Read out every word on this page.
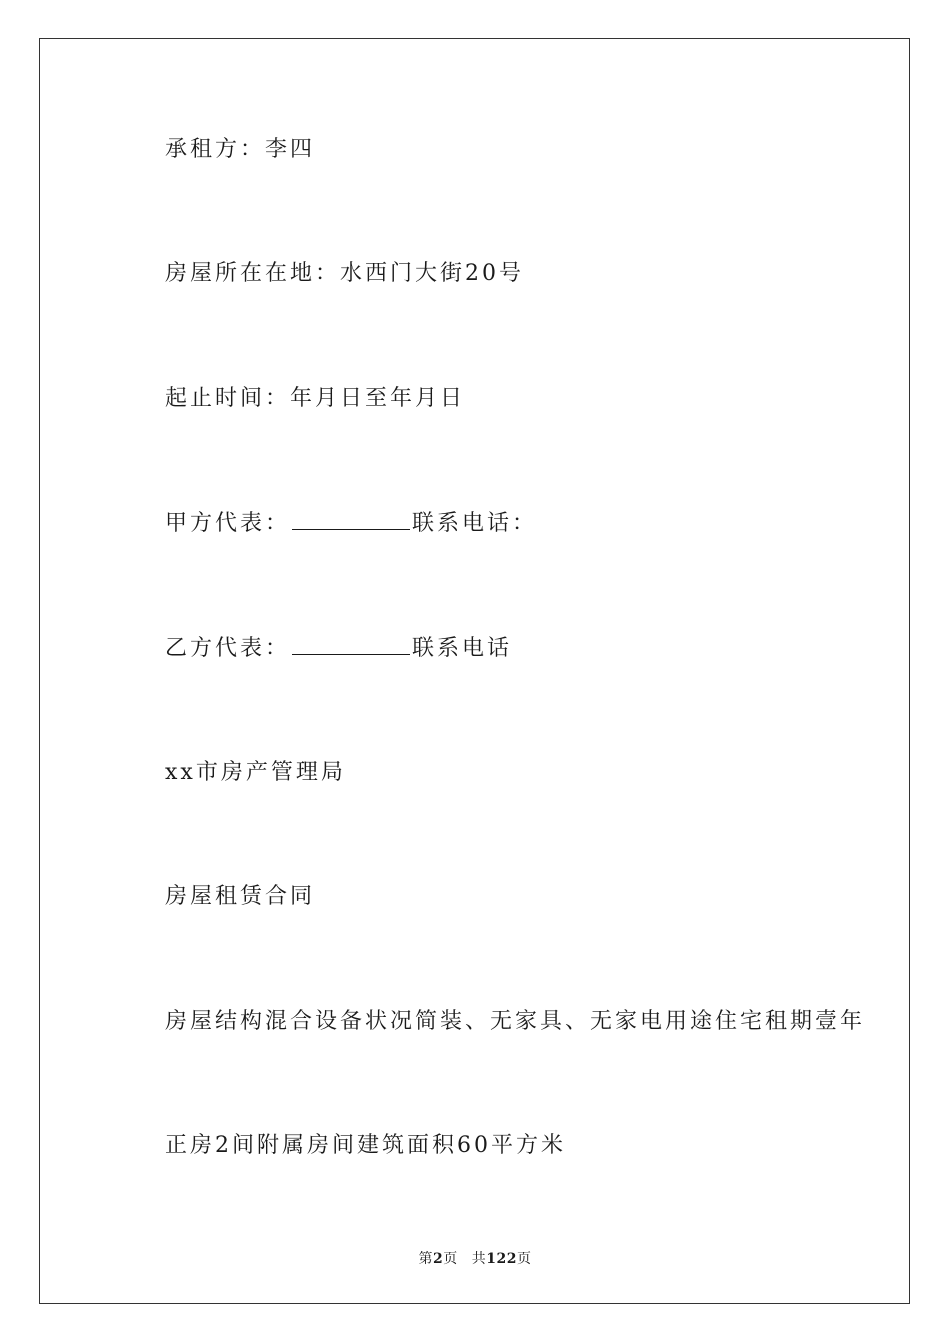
承租方：李四
房屋所在在地：水西门大街20号
起止时间：年月日至年月日
甲方代表：	联系电话：
乙方代表：	联系电话
xx市房产管理局
房屋租赁合同
房屋结构混合设备状况简装、无家具、无家电用途住宅租期壹年
正房2间附属房间建筑面积60平方米
第2页 共122页
